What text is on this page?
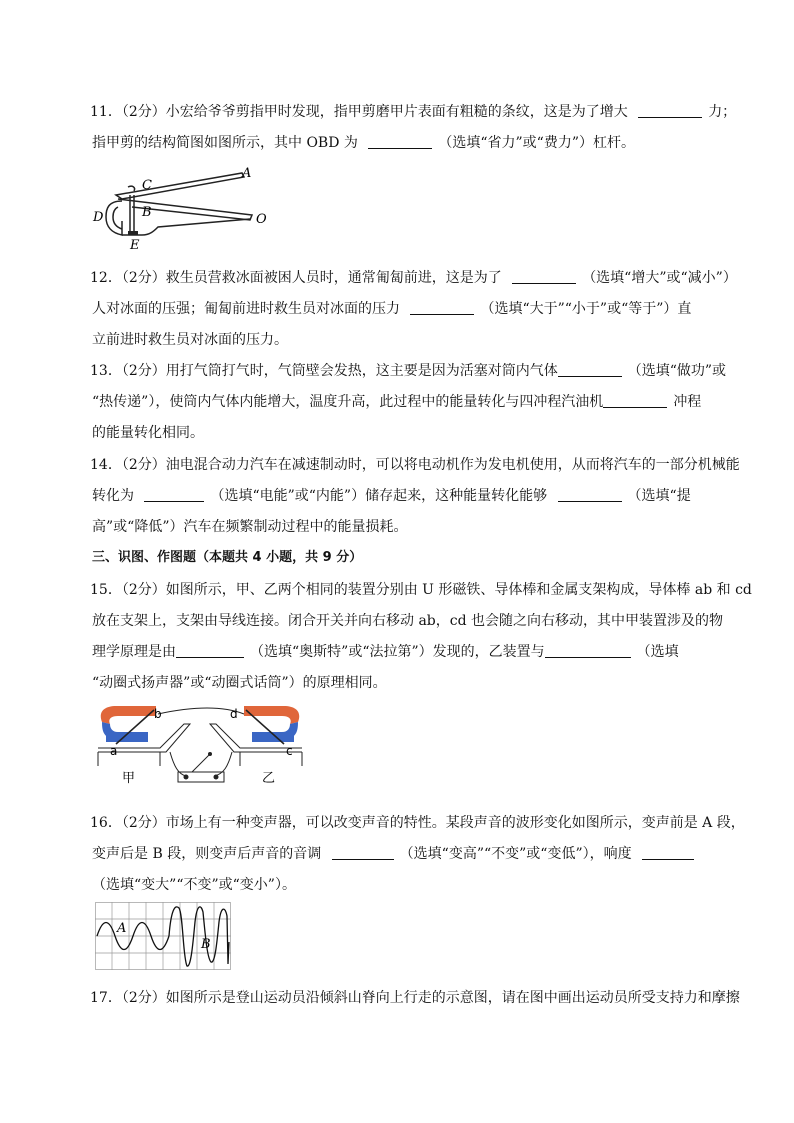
11．（2分）小宏给爷爷剪指甲时发现，指甲剪磨甲片表面有粗糙的条纹，这是为了增大	力；
指甲剪的结构简图如图所示，其中 OBD 为	（选填“省力”或“费力”）杠杆。
C
A
B
D	O
E
12．（2分）救生员营救冰面被困人员时，通常匍匐前进，这是为了	（选填“增大”或“减小”）
人对冰面的压强；匍匐前进时救生员对冰面的压力	（选填“大于”“小于”或“等于”）直
立前进时救生员对冰面的压力。
13．（2分）用打气筒打气时，气筒壁会发热，这主要是因为活塞对筒内气体	（选填“做功”或
“热传递”），使筒内气体内能增大，温度升高，此过程中的能量转化与四冲程汽油机	冲程
的能量转化相同。
14．（2分）油电混合动力汽车在减速制动时，可以将电动机作为发电机使用，从而将汽车的一部分机械能
转化为	（选填“电能”或“内能”）储存起来，这种能量转化能够	（选填“提
高”或“降低”）汽车在频繁制动过程中的能量损耗。
三、识图、作图题（本题共 4 小题，共 9 分）
15．（2分）如图所示，甲、乙两个相同的装置分别由 U 形磁铁、导体棒和金属支架构成，导体棒 ab 和 cd
放在支架上，支架由导线连接。闭合开关并向右移动 ab，cd 也会随之向右移动，其中甲装置涉及的物
理学原理是由	（选填“奥斯特”或“法拉第”）发现的，乙装置与	（选填
“动圈式扬声器”或“动圈式话筒”）的原理相同。
b
a
d
c
甲	乙
16．（2分）市场上有一种变声器，可以改变声音的特性。某段声音的波形变化如图所示，变声前是 A 段，
变声后是 B 段，则变声后声音的音调	（选填“变高”“不变”或“变低”），响度
（选填“变大”“不变”或“变小”）。
A
B
17．（2分）如图所示是登山运动员沿倾斜山脊向上行走的示意图，请在图中画出运动员所受支持力和摩擦
